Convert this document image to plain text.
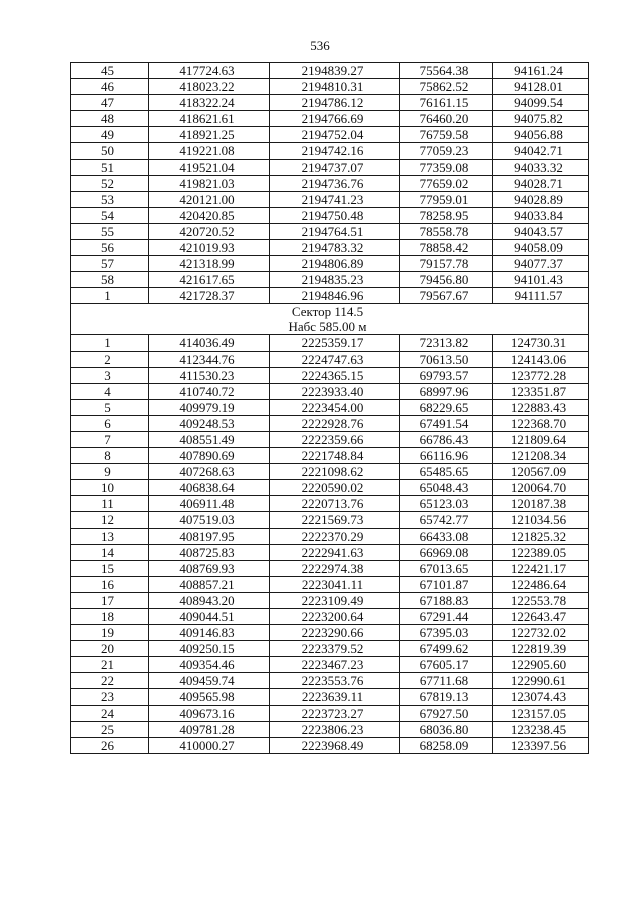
536
45	417724.63	2194839.27	75564.38	94161.24
46	418023.22	2194810.31	75862.52	94128.01
47	418322.24	2194786.12	76161.15	94099.54
48	418621.61	2194766.69	76460.20	94075.82
49	418921.25	2194752.04	76759.58	94056.88
50	419221.08	2194742.16	77059.23	94042.71
51	419521.04	2194737.07	77359.08	94033.32
52	419821.03	2194736.76	77659.02	94028.71
53	420121.00	2194741.23	77959.01	94028.89
54	420420.85	2194750.48	78258.95	94033.84
55	420720.52	2194764.51	78558.78	94043.57
56	421019.93	2194783.32	78858.42	94058.09
57	421318.99	2194806.89	79157.78	94077.37
58	421617.65	2194835.23	79456.80	94101.43
1	421728.37	2194846.96	79567.67	94111.57

Сектор 114.5
Набс 585.00 м				

1	414036.49	2225359.17	72313.82	124730.31
2	412344.76	2224747.63	70613.50	124143.06
3	411530.23	2224365.15	69793.57	123772.28
4	410740.72	2223933.40	68997.96	123351.87
5	409979.19	2223454.00	68229.65	122883.43
6	409248.53	2222928.76	67491.54	122368.70
7	408551.49	2222359.66	66786.43	121809.64
8	407890.69	2221748.84	66116.96	121208.34
9	407268.63	2221098.62	65485.65	120567.09
10	406838.64	2220590.02	65048.43	120064.70
11	406911.48	2220713.76	65123.03	120187.38
12	407519.03	2221569.73	65742.77	121034.56
13	408197.95	2222370.29	66433.08	121825.32
14	408725.83	2222941.63	66969.08	122389.05
15	408769.93	2222974.38	67013.65	122421.17
16	408857.21	2223041.11	67101.87	122486.64
17	408943.20	2223109.49	67188.83	122553.78
18	409044.51	2223200.64	67291.44	122643.47
19	409146.83	2223290.66	67395.03	122732.02
20	409250.15	2223379.52	67499.62	122819.39
21	409354.46	2223467.23	67605.17	122905.60
22	409459.74	2223553.76	67711.68	122990.61
23	409565.98	2223639.11	67819.13	123074.43
24	409673.16	2223723.27	67927.50	123157.05
25	409781.28	2223806.23	68036.80	123238.45
26	410000.27	2223968.49	68258.09	123397.56
